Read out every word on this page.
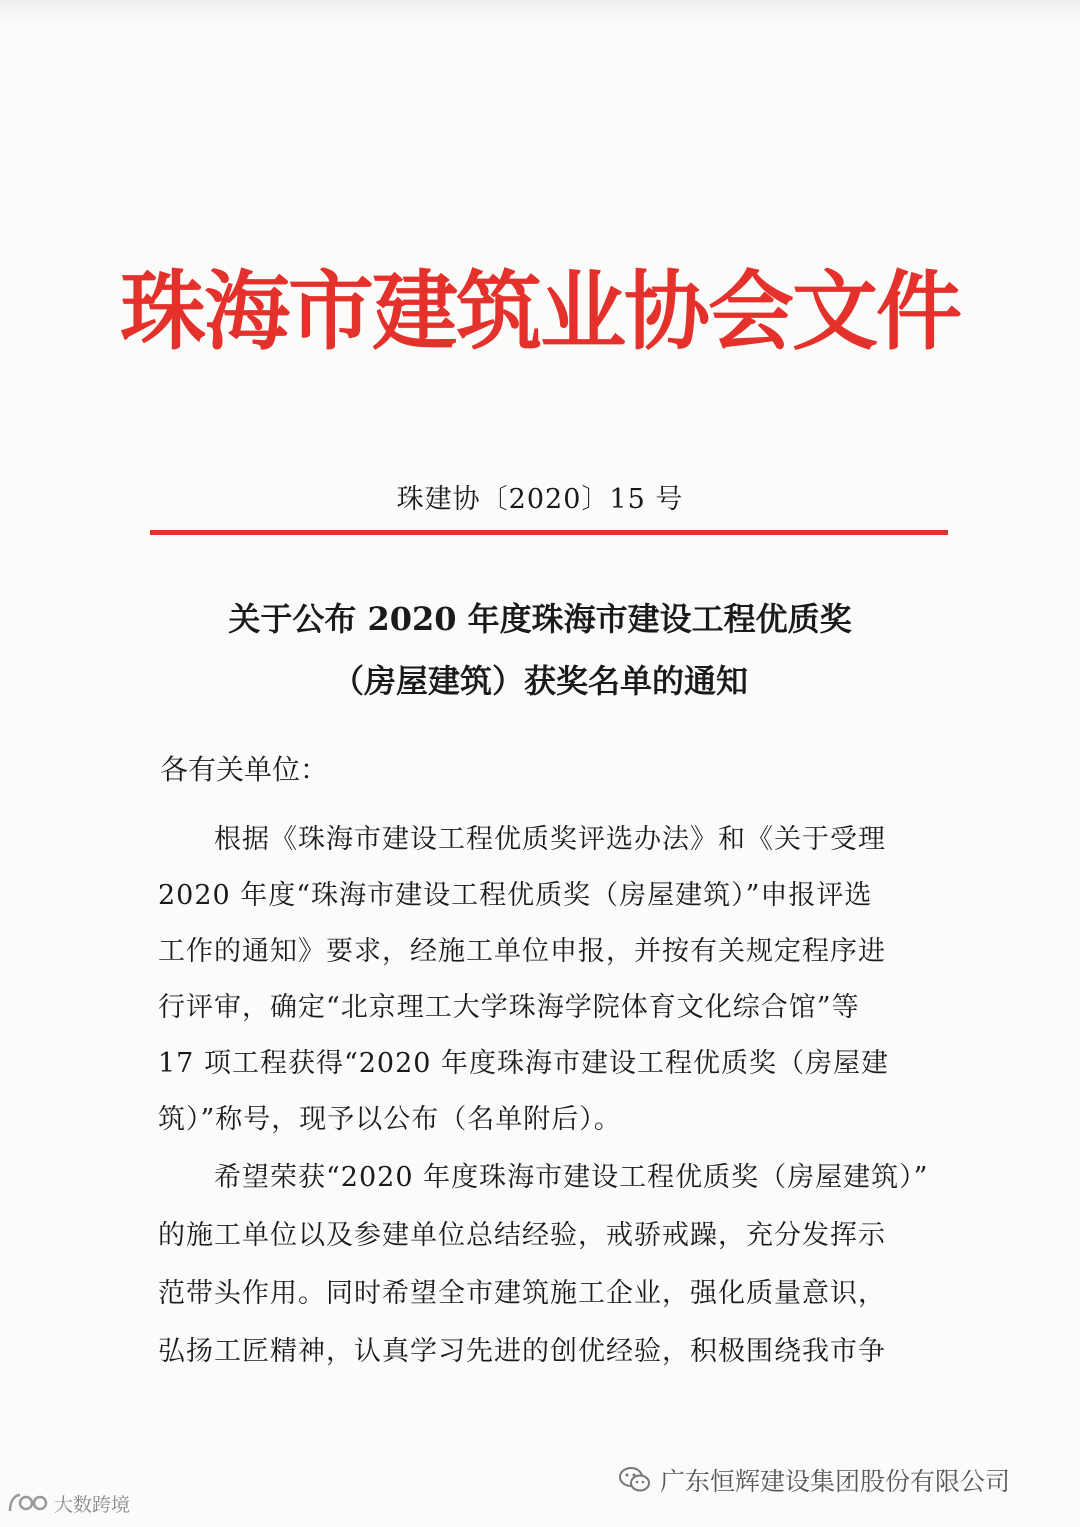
珠海市建筑业协会文件
珠建协〔2020〕15 号
关于公布 2020 年度珠海市建设工程优质奖
（房屋建筑）获奖名单的通知
各有关单位：
根据《珠海市建设工程优质奖评选办法》和《关于受理
2020 年度“珠海市建设工程优质奖（房屋建筑）”申报评选
工作的通知》要求，经施工单位申报，并按有关规定程序进
行评审，确定“北京理工大学珠海学院体育文化综合馆”等
17 项工程获得“2020 年度珠海市建设工程优质奖（房屋建
筑）”称号，现予以公布（名单附后）。
希望荣获“2020 年度珠海市建设工程优质奖（房屋建筑）”
的施工单位以及参建单位总结经验，戒骄戒躁，充分发挥示
范带头作用。同时希望全市建筑施工企业，强化质量意识，
弘扬工匠精神，认真学习先进的创优经验，积极围绕我市争
广东恒辉建设集团股份有限公司
大数跨境
